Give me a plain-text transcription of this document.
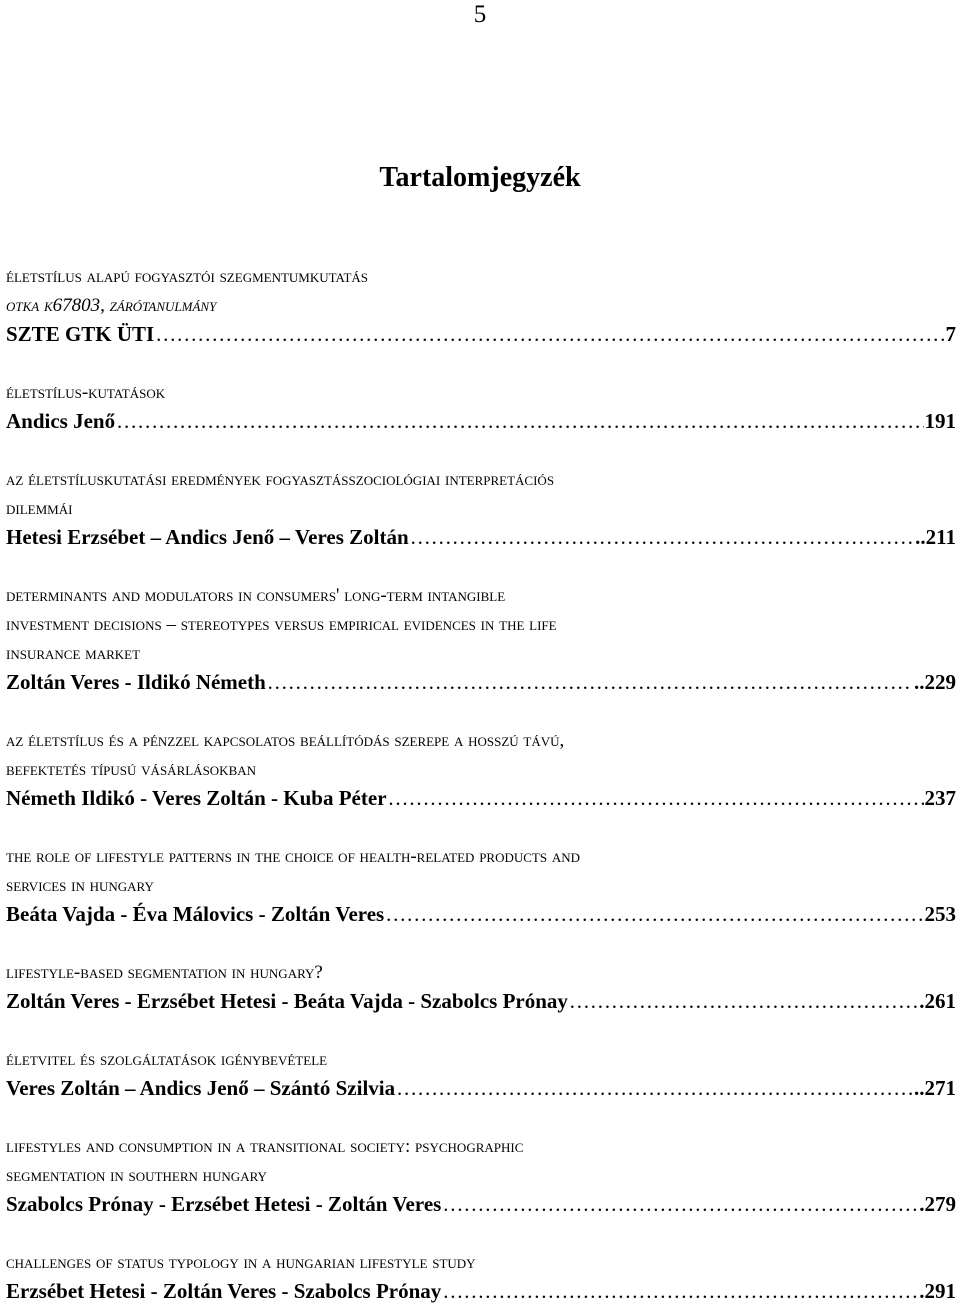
5
Tartalomjegyzék
életstílus alapú fogyasztói szegmentumkutatás
otka k67803, zárótanulmány
SZTE GTK ÜTI ……………………………………………………………………………………………………………………………………………………………………	7
életstílus-kutatások
Andics Jenő ……………………………………………………………………………………………………………………………………………………………………	191
az életstíluskutatási eredmények fogyasztásszociológiai interpretációs
dilemmái
Hetesi Erzsébet – Andics Jenő – Veres Zoltán ……………………………………………………………………………………………………………………………………………………………………	..211
determinants and modulators in consumers' long-term intangible
investment decisions – stereotypes versus empirical evidences in the life
insurance market
Zoltán Veres - Ildikó Németh ……………………………………………………………………………………………………………………………………………………………………	..229
az életstílus és a pénzzel kapcsolatos beállítódás szerepe a hosszú távú,
befektetés típusú vásárlásokban
Németh Ildikó - Veres Zoltán - Kuba Péter ……………………………………………………………………………………………………………………………………………………………………	237
the role of lifestyle patterns in the choice of health-related products and
services in hungary
Beáta Vajda - Éva Málovics - Zoltán Veres ……………………………………………………………………………………………………………………………………………………………………	253
lifestyle-based segmentation in hungary?
Zoltán Veres - Erzsébet Hetesi - Beáta Vajda - Szabolcs Prónay ……………………………………………………………………………………………………………………………………………………………………	.261
életvitel és szolgáltatások igénybevétele
Veres Zoltán – Andics Jenő – Szántó Szilvia ……………………………………………………………………………………………………………………………………………………………………	..271
lifestyles and consumption in a transitional society: psychographic
segmentation in southern hungary
Szabolcs Prónay - Erzsébet Hetesi - Zoltán Veres ……………………………………………………………………………………………………………………………………………………………………	.279
challenges of status typology in a hungarian lifestyle study
Erzsébet Hetesi - Zoltán Veres - Szabolcs Prónay ……………………………………………………………………………………………………………………………………………………………………	.291
